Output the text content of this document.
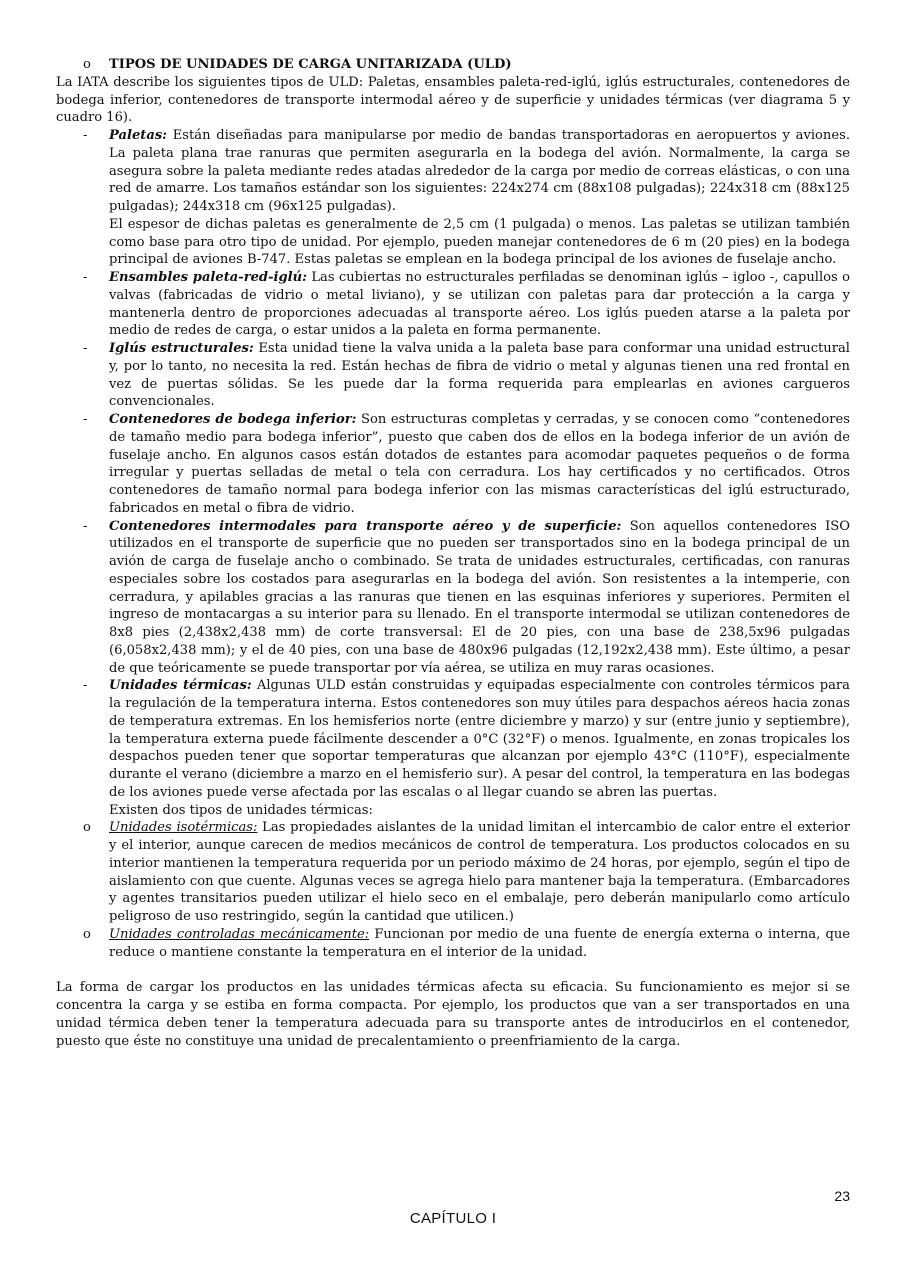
o TIPOS DE UNIDADES DE CARGA UNITARIZADA (ULD)

La IATA describe los siguientes tipos de ULD: Paletas, ensambles paleta-red-iglú, iglús estructurales, contenedores de bodega inferior, contenedores de transporte intermodal aéreo y de superficie y unidades térmicas (ver diagrama 5 y cuadro 16).

- Paletas: Están diseñadas para manipularse por medio de bandas transportadoras en aeropuertos y aviones. La paleta plana trae ranuras que permiten asegurarla en la bodega del avión. Normalmente, la carga se asegura sobre la paleta mediante redes atadas alrededor de la carga por medio de correas elásticas, o con una red de amarre. Los tamaños estándar son los siguientes: 224x274 cm (88x108 pulgadas); 224x318 cm (88x125 pulgadas); 244x318 cm (96x125 pulgadas).

El espesor de dichas paletas es generalmente de 2,5 cm (1 pulgada) o menos. Las paletas se utilizan también como base para otro tipo de unidad. Por ejemplo, pueden manejar contenedores de 6 m (20 pies) en la bodega principal de aviones B-747. Estas paletas se emplean en la bodega principal de los aviones de fuselaje ancho.

- Ensambles paleta-red-iglú: Las cubiertas no estructurales perfiladas se denominan iglús – igloo -, capullos o valvas (fabricadas de vidrio o metal liviano), y se utilizan con paletas para dar protección a la carga y mantenerla dentro de proporciones adecuadas al transporte aéreo. Los iglús pueden atarse a la paleta por medio de redes de carga, o estar unidos a la paleta en forma permanente.

- Iglús estructurales: Esta unidad tiene la valva unida a la paleta base para conformar una unidad estructural y, por lo tanto, no necesita la red. Están hechas de fibra de vidrio o metal y algunas tienen una red frontal en vez de puertas sólidas. Se les puede dar la forma requerida para emplearlas en aviones cargueros convencionales.

- Contenedores de bodega inferior: Son estructuras completas y cerradas, y se conocen como “contenedores de tamaño medio para bodega inferior”, puesto que caben dos de ellos en la bodega inferior de un avión de fuselaje ancho. En algunos casos están dotados de estantes para acomodar paquetes pequeños o de forma irregular y puertas selladas de metal o tela con cerradura. Los hay certificados y no certificados. Otros contenedores de tamaño normal para bodega inferior con las mismas características del iglú estructurado, fabricados en metal o fibra de vidrio.

- Contenedores intermodales para transporte aéreo y de superficie: Son aquellos contenedores ISO utilizados en el transporte de superficie que no pueden ser transportados sino en la bodega principal de un avión de carga de fuselaje ancho o combinado. Se trata de unidades estructurales, certificadas, con ranuras especiales sobre los costados para asegurarlas en la bodega del avión. Son resistentes a la intemperie, con cerradura, y apilables gracias a las ranuras que tienen en las esquinas inferiores y superiores. Permiten el ingreso de montacargas a su interior para su llenado. En el transporte intermodal se utilizan contenedores de 8x8 pies (2,438x2,438 mm) de corte transversal: El de 20 pies, con una base de 238,5x96 pulgadas (6,058x2,438 mm); y el de 40 pies, con una base de 480x96 pulgadas (12,192x2,438 mm). Este último, a pesar de que teóricamente se puede transportar por vía aérea, se utiliza en muy raras ocasiones.

- Unidades térmicas: Algunas ULD están construidas y equipadas especialmente con controles térmicos para la regulación de la temperatura interna. Estos contenedores son muy útiles para despachos aéreos hacia zonas de temperatura extremas. En los hemisferios norte (entre diciembre y marzo) y sur (entre junio y septiembre), la temperatura externa puede fácilmente descender a 0°C (32°F) o menos. Igualmente, en zonas tropicales los despachos pueden tener que soportar temperaturas que alcanzan por ejemplo 43°C (110°F), especialmente durante el verano (diciembre a marzo en el hemisferio sur). A pesar del control, la temperatura en las bodegas de los aviones puede verse afectada por las escalas o al llegar cuando se abren las puertas.

Existen dos tipos de unidades térmicas:

o Unidades isotérmicas: Las propiedades aislantes de la unidad limitan el intercambio de calor entre el exterior y el interior, aunque carecen de medios mecánicos de control de temperatura. Los productos colocados en su interior mantienen la temperatura requerida por un periodo máximo de 24 horas, por ejemplo, según el tipo de aislamiento con que cuente. Algunas veces se agrega hielo para mantener baja la temperatura. (Embarcadores y agentes transitarios pueden utilizar el hielo seco en el embalaje, pero deberán manipularlo como artículo peligroso de uso restringido, según la cantidad que utilicen.)

o Unidades controladas mecánicamente: Funcionan por medio de una fuente de energía externa o interna, que reduce o mantiene constante la temperatura en el interior de la unidad.

La forma de cargar los productos en las unidades térmicas afecta su eficacia. Su funcionamiento es mejor si se concentra la carga y se estiba en forma compacta. Por ejemplo, los productos que van a ser transportados en una unidad térmica deben tener la temperatura adecuada para su transporte antes de introducirlos en el contenedor, puesto que éste no constituye una unidad de precalentamiento o preenfriamiento de la carga.

23
CAPÍTULO I
